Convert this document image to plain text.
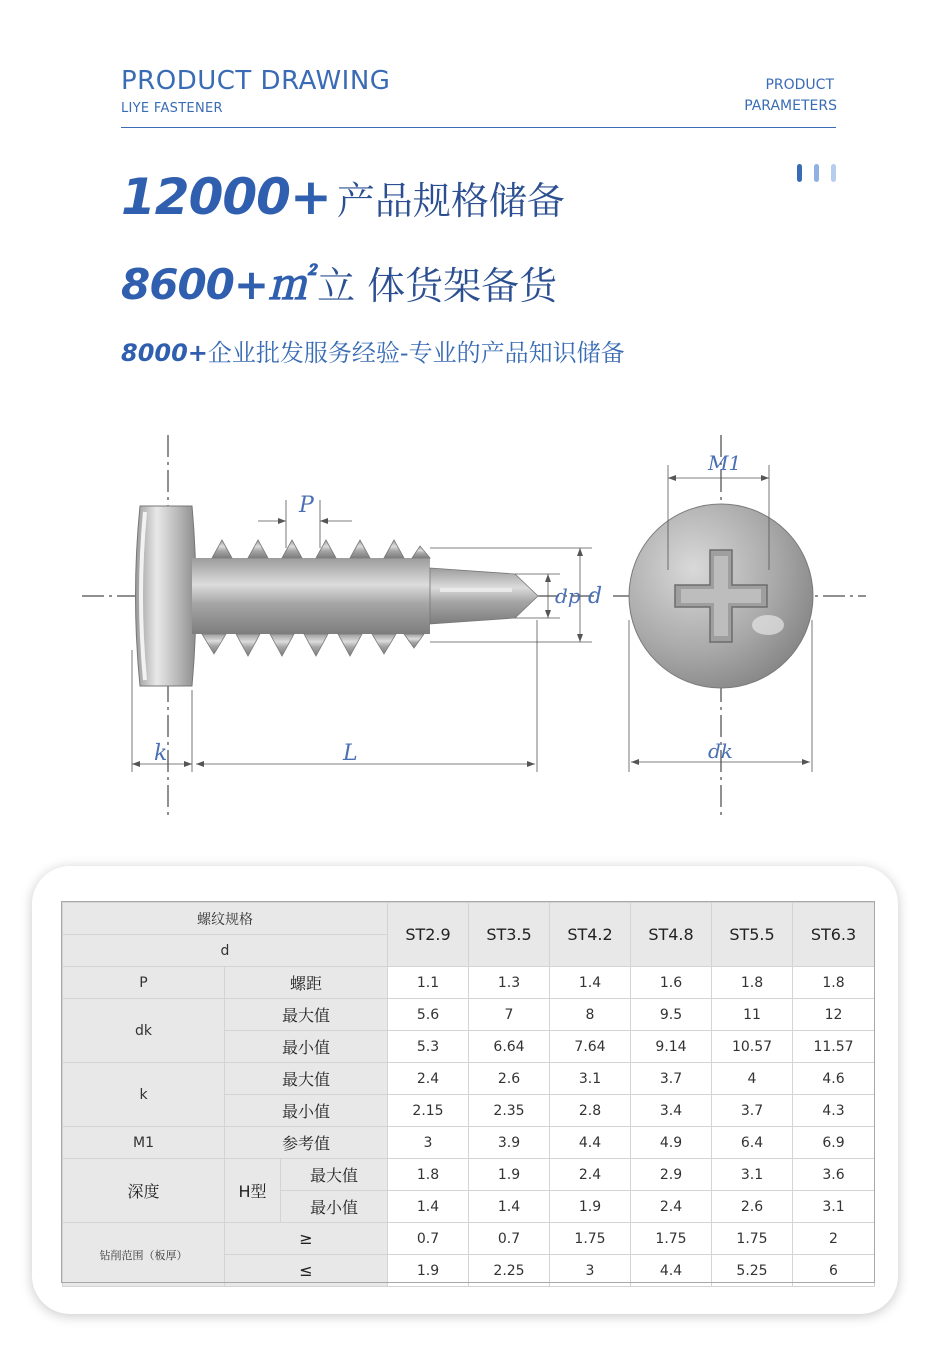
PRODUCT DRAWING
LIYE FASTENER
PRODUCT
PARAMETERS
12000+ 产品规格储备
8600+㎡ 立 体货架备货
8000+企业批发服务经验-专业的产品知识储备
P
dp d
k	L
M1
dk
螺纹规格			ST2.9	ST3.5	ST4.2	ST4.8	ST5.5	ST6.3
d								
P	螺距		1.1	1.3	1.4	1.6	1.8	1.8
dk	最大值		5.6	7	8	9.5	11	12
	最小值		5.3	6.64	7.64	9.14	10.57	11.57
k	最大值		2.4	2.6	3.1	3.7	4	4.6
	最小值		2.15	2.35	2.8	3.4	3.7	4.3
M1	参考值		3	3.9	4.4	4.9	6.4	6.9
深度	H型	最大值	1.8	1.9	2.4	2.9	3.1	3.6
		最小值	1.4	1.4	1.9	2.4	2.6	3.1
钻削范围（板厚）	≥		0.7	0.7	1.75	1.75	1.75	2
	≤		1.9	2.25	3	4.4	5.25	6
